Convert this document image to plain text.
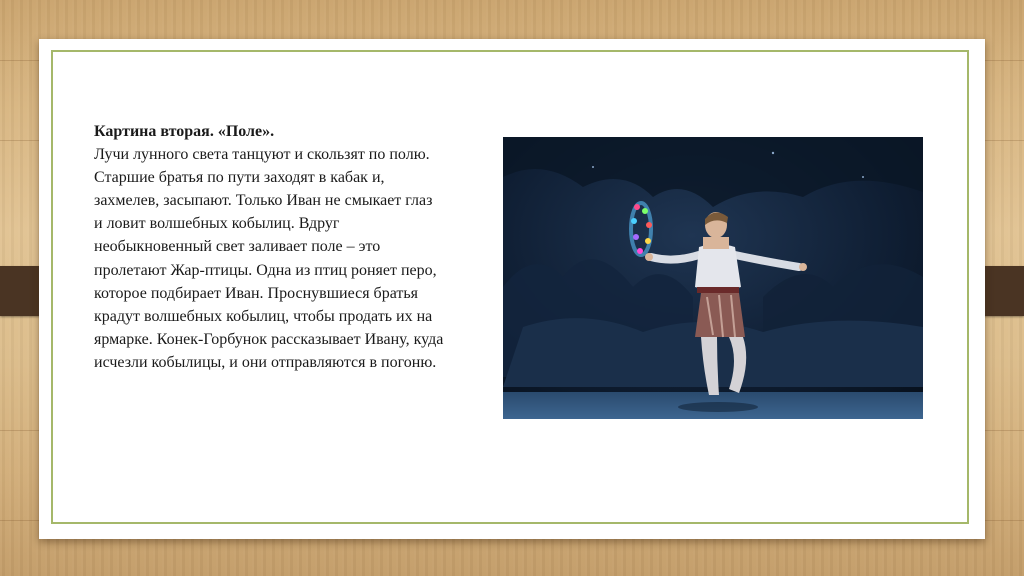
Картина вторая. «Поле».
Лучи лунного света танцуют и скользят по полю. Старшие братья по пути заходят в кабак и, захмелев, засыпают. Только Иван не смыкает глаз и ловит волшебных кобылиц. Вдруг необыкновенный свет заливает поле – это пролетают Жар-птицы. Одна из птиц роняет перо, которое подбирает Иван. Проснувшиеся братья крадут волшебных кобылиц, чтобы продать их на ярмарке. Конек-Горбунок рассказывает Ивану, куда исчезли кобылицы, и они отправляются в погоню.
